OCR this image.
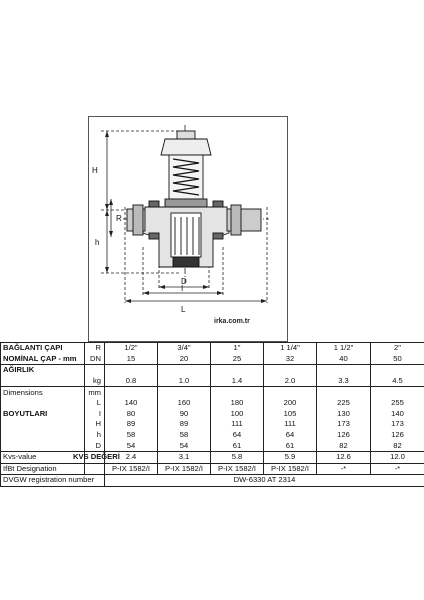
H
R
h
D
I
L
irka.com.tr
BAĞLANTI ÇAPI	R	1/2"	3/4"	1"	1 1/4"	1 1/2"	2"
NOMİNAL ÇAP - mm	DN	15	20	25	32	40	50
AĞIRLIK							
	kg	0.8	1.0	1.4	2.0	3.3	4.5
Dimensions	mm						
	L	140	160	180	200	225	255
BOYUTLARI	I	80	90	100	105	130	140
	H	89	89	111	111	173	173
	h	58	58	64	64	126	126
	D	54	54	61	61	82	82
Kvs-value	KVS DEĞERİ	2.4	3.1	5.8	5.9	12.6	12.0
IfBt Designation		P-IX 1582/I	P-IX 1582/I	P-IX 1582/I	P-IX 1582/I	-*	-*
DVGW registration number		DW-6330 AT 2314					
